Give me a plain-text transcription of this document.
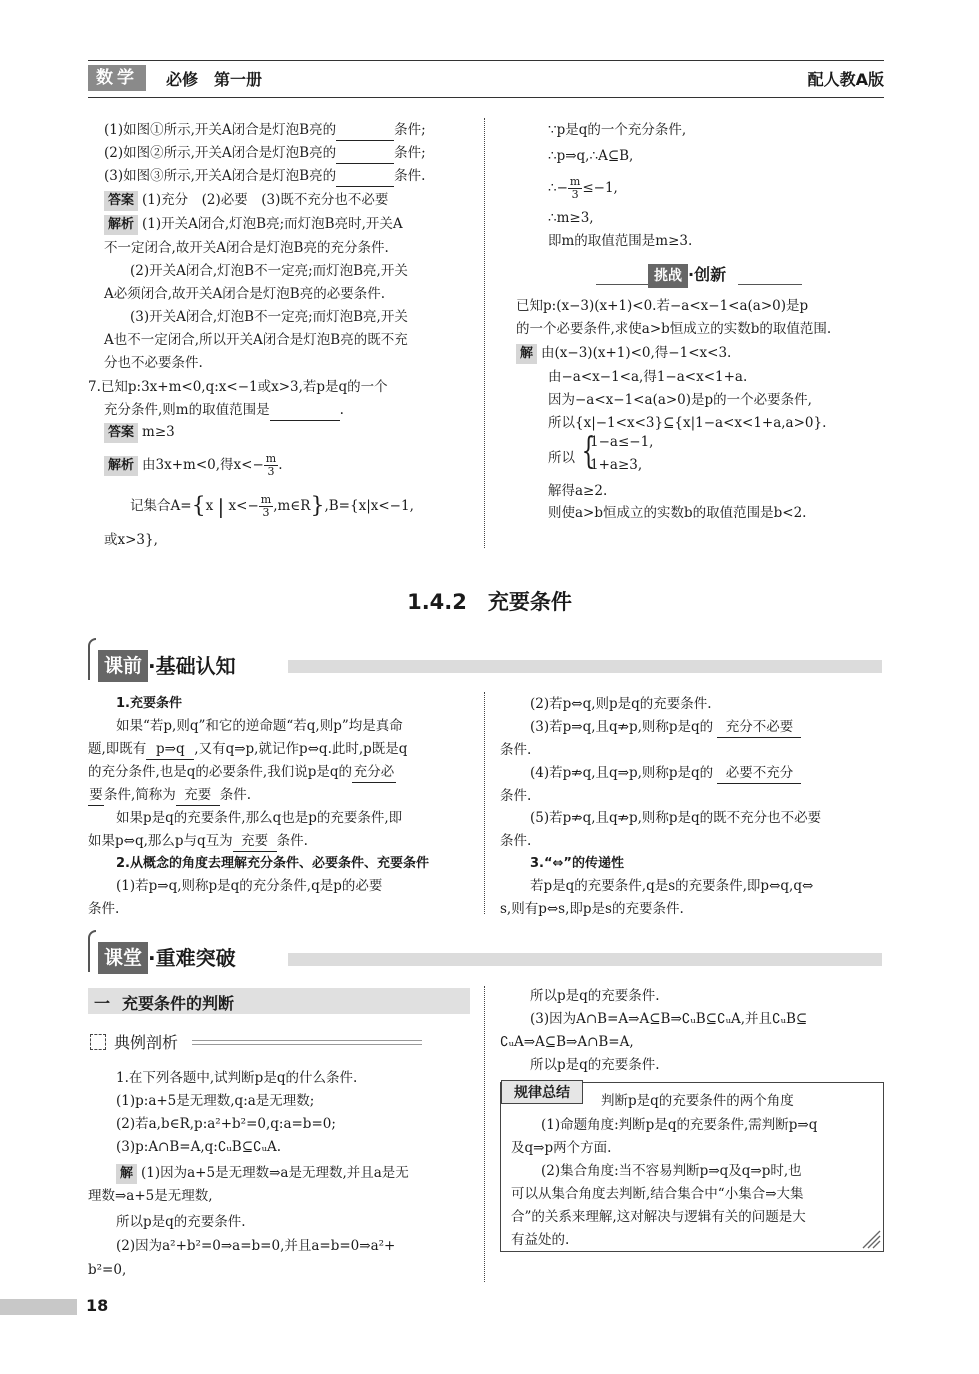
数学	必修　第一册	配人教A版
(1)如图①所示,开关A闭合是灯泡B亮的	条件;
(2)如图②所示,开关A闭合是灯泡B亮的	条件;
(3)如图③所示,开关A闭合是灯泡B亮的	条件.
答案 (1)充分　(2)必要　(3)既不充分也不必要
解析 (1)开关A闭合,灯泡B亮;而灯泡B亮时,开关A
不一定闭合,故开关A闭合是灯泡B亮的充分条件.
(2)开关A闭合,灯泡B不一定亮;而灯泡B亮,开关
A必须闭合,故开关A闭合是灯泡B亮的必要条件.
(3)开关A闭合,灯泡B不一定亮;而灯泡B亮,开关
A也不一定闭合,所以开关A闭合是灯泡B亮的既不充
分也不必要条件.
7.已知p:3x+m<0,q:x<−1或x>3,若p是q的一个
充分条件,则m的取值范围是	.
答案 m≥3
解析 由3x+m<0,得$x<- \frac{m}{3}$ .
记集合A={x | $x<- \frac{m}{3}$ ,m∈R},B={x|x<−1,
或x>3},
∵p是q的一个充分条件,
∴p⇒q,∴A⊆B,
∴− $\frac{m}{3} \le-1$,
∴m≥3,
即m的取值范围是m≥3.
挑战 ·创新
已知p:(x−3)(x+1)<0.若−a<x−1<a(a>0)是p
的一个必要条件,求使a>b恒成立的实数b的取值范围.
解 由(x−3)(x+1)<0,得−1<x<3.
由−a<x−1<a,得1−a<x<1+a.
因为−a<x−1<a(a>0)是p的一个必要条件,
所以{x|−1<x<3}⊆{x|1−a<x<1+a,a>0}.
所以 {
1−a≤−1,
1+a≥3,
解得a≥2.
则使a>b恒成立的实数b的取值范围是b<2.
1.4.2　充要条件
课前 ·基础认知
1.充要条件
如果“若p,则q”和它的逆命题“若q,则p”均是真命
题,即既有 p⇒q ,又有q⇒p,就记作p⇔q.此时,p既是q
的充分条件,也是q的必要条件,我们说p是q的 充分必
要条件,简称为 充要 条件.
如果p是q的充要条件,那么q也是p的充要条件,即
如果p⇔q,那么p与q互为 充要 条件.
2.从概念的角度去理解充分条件、必要条件、充要条件
(1)若p⇒q,则称p是q的充分条件,q是p的必要
条件.
(2)若p⇔q,则p是q的充要条件.
(3)若p⇒q,且q⇏p,则称p是q的 充分不必要
条件.
(4)若p⇏q,且q⇒p,则称p是q的 必要不充分
条件.
(5)若p⇏q,且q⇏p,则称p是q的既不充分也不必要
条件.
3.“⇔”的传递性
若p是q的充要条件,q是s的充要条件,即p⇔q,q⇔
s,则有p⇔s,即p是s的充要条件.
课堂 ·重难突破
一 充要条件的判断
典例剖析
1.在下列各题中,试判断p是q的什么条件.
(1)p:a+5是无理数,q:a是无理数;
(2)若a,b∈R,p:a²+b²=0,q:a=b=0;
(3)p:A∩B=A,q:∁ᵤB⊆∁ᵤA.
解 (1)因为a+5是无理数⇒a是无理数,并且a是无
理数⇒a+5是无理数,
所以p是q的充要条件.
(2)因为a²+b²=0⇒a=b=0,并且a=b=0⇒a²+
b²=0,
所以p是q的充要条件.
(3)因为A∩B=A⇒A⊆B⇒∁ᵤB⊆∁ᵤA,并且∁ᵤB⊆
∁ᵤA⇒A⊆B⇒A∩B=A,
所以p是q的充要条件.
规律总结	判断p是q的充要条件的两个角度
(1)命题角度:判断p是q的充要条件,需判断p⇒q
及q⇒p两个方面.
(2)集合角度:当不容易判断p⇒q及q⇒p时,也
可以从集合角度去判断,结合集合中“小集合⇒大集
合”的关系来理解,这对解决与逻辑有关的问题是大
有益处的.
18
